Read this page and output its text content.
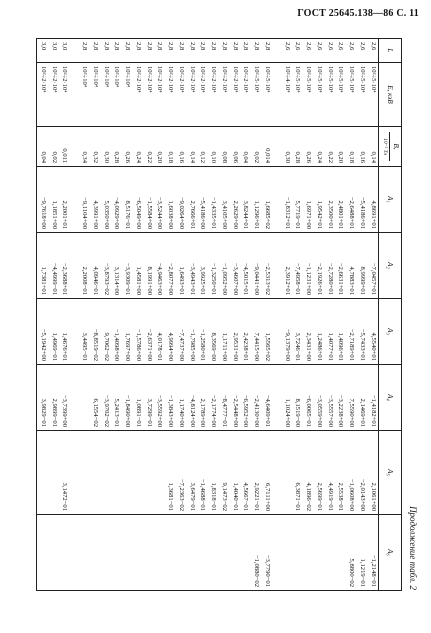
ГОСТ 25645.138—86 С. 11
Продолжение табл. 2
L	E, кэВ	B,
10⁻² Тл	A₁	A₂	A₃	A₄	A₅	A₆
2,6	10²÷5·10⁴	0,14	4,8691+01	−7,0457+01	4,5540+01	−1,4182+01	2,1061+00	−1,2148−01
2,6	10²÷5·10⁴	0,16	−5,4186+01	8,9999+01	−5,7433+01	2,1469+01	−2,0143+00	1,1219−01
2,6	10²÷5·10⁴	0,18	−2,6488+01	4,7883+01	−2,7189+01	7,5590+00	−1,0608+00	5,8800−02
2,6	10²÷5·10⁴	0,20	2,4801+01	−2,6631+01	1,4096+01	−3,2238+00	2,5538−01	
2,6	10²÷5·10⁴	0,22	2,3500+01	−2,7280+01	1,4077+01	−3,5557+00	4,4919−01	
2,6	10²÷5·10⁴	0,24	1,9542+01	−2,1926+01	1,2486+01	−3,0559+00	2,5699−01	
2,6	10²÷5·10⁴	0,26	1,6971+00	−1,1231+00	2,3431+00	−6,0065−01	4,1896−02	
2,6	10²÷5·10⁴	0,28	5,7719−01	−7,4958−01	3,7246−01	8,1519−00	6,3871−01	
2,6	10²÷4·10⁴	0,30	−1,8312+01	2,3912+01	−9,1379+00	1,1024+00		

2,8	10²÷5·10⁴	0,014	1,6685+02	−2,5313+02	1,5565+02	−4,6409+01	6,7111+00	−3,7790−01
2,8	10²÷5·10⁴	0,02	1,1296+01	−9,0441+00	7,4415+00	−2,4130+00	2,9221−01	−1,0880−02
2,8	10²÷2·10⁴	0,04	3,8244+01	−4,5015+01	2,4238+01	−6,5952+00	4,5667−01	
2,8	10²÷2·10⁴	0,06	2,2629+00	−3,4607+00	2,9531+00	−2,5448+00	1,4040−01	
2,8	10²÷2·10⁴	0,08	3,4105+00	−1,0952+00	1,1711+00	−8,4777−01	9,1473−02	
2,8	10²÷2·10⁴	0,10	−1,4335+01	−1,3250+01	8,3569−00	−2,1774+00	1,8318−01	
2,8	10²÷2·10⁴	0,12	−5,4186+00	3,9925+01	−1,2580+01	2,1789+00	−1,4688−01	
2,8	10²÷2·10⁴	0,14	2,7666+01	−3,4943+01	−1,7985+00	−4,8124+00	3,6479−01	
2,8	10²÷2·10⁴	0,16	−9,0264+00	1,6493+01	−7,4737+00	1,1740+00	−7,2363−02	
2,8	10²÷2·10⁴	0,18	1,6038+00	−2,8077+00	4,9994+00	−1,3843+00	1,3681−01	
2,8	10²÷2·10⁴	0,20	−3,5244+00	−4,9463+00	4,0178−01	−3,5592+00		
2,8	10²÷2·10⁴	0,22	−1,5584+00	8,1991+00	−2,6371+00	3,7299−01		
2,8	10²÷2·10⁴	0,24	−6,5049+00	1,4581+00	−1,5786+00	1,0891−01		
2,8	10²÷10⁴	0,26	8,5176−01	−3,9309−01	1,7697+00	−1,8490+00		
2,8	10²÷10⁴	0,28	−4,0929+00	3,1314+00	−1,4098+00	5,2413−01		
2,8	10²÷10⁴	0,30	5,0350+00	−3,8793−02	9,7062−02	−3,9702−02		
2,8	10²÷10⁴	0,32	4,3991+00	4,0946−01	−8,8519−02	6,1554−02		
2,8	10²÷10⁴	0,34	−9,1104+00	2,2008−01	3,4495−01			

3,0	10²÷2·10⁴	0,011	2,2001+01	−2,3688+01	1,4676+01	−3,7399+00	3,1472−01	
3,0	10²÷2·10⁴	0,02	1,1851+00	−4,4999−01	1,4969−01	2,9899−01		
3,0	10²÷2·10⁴	0,04	−9,7618+00	1,7381+01	−5,1942+00	3,9829−01		
